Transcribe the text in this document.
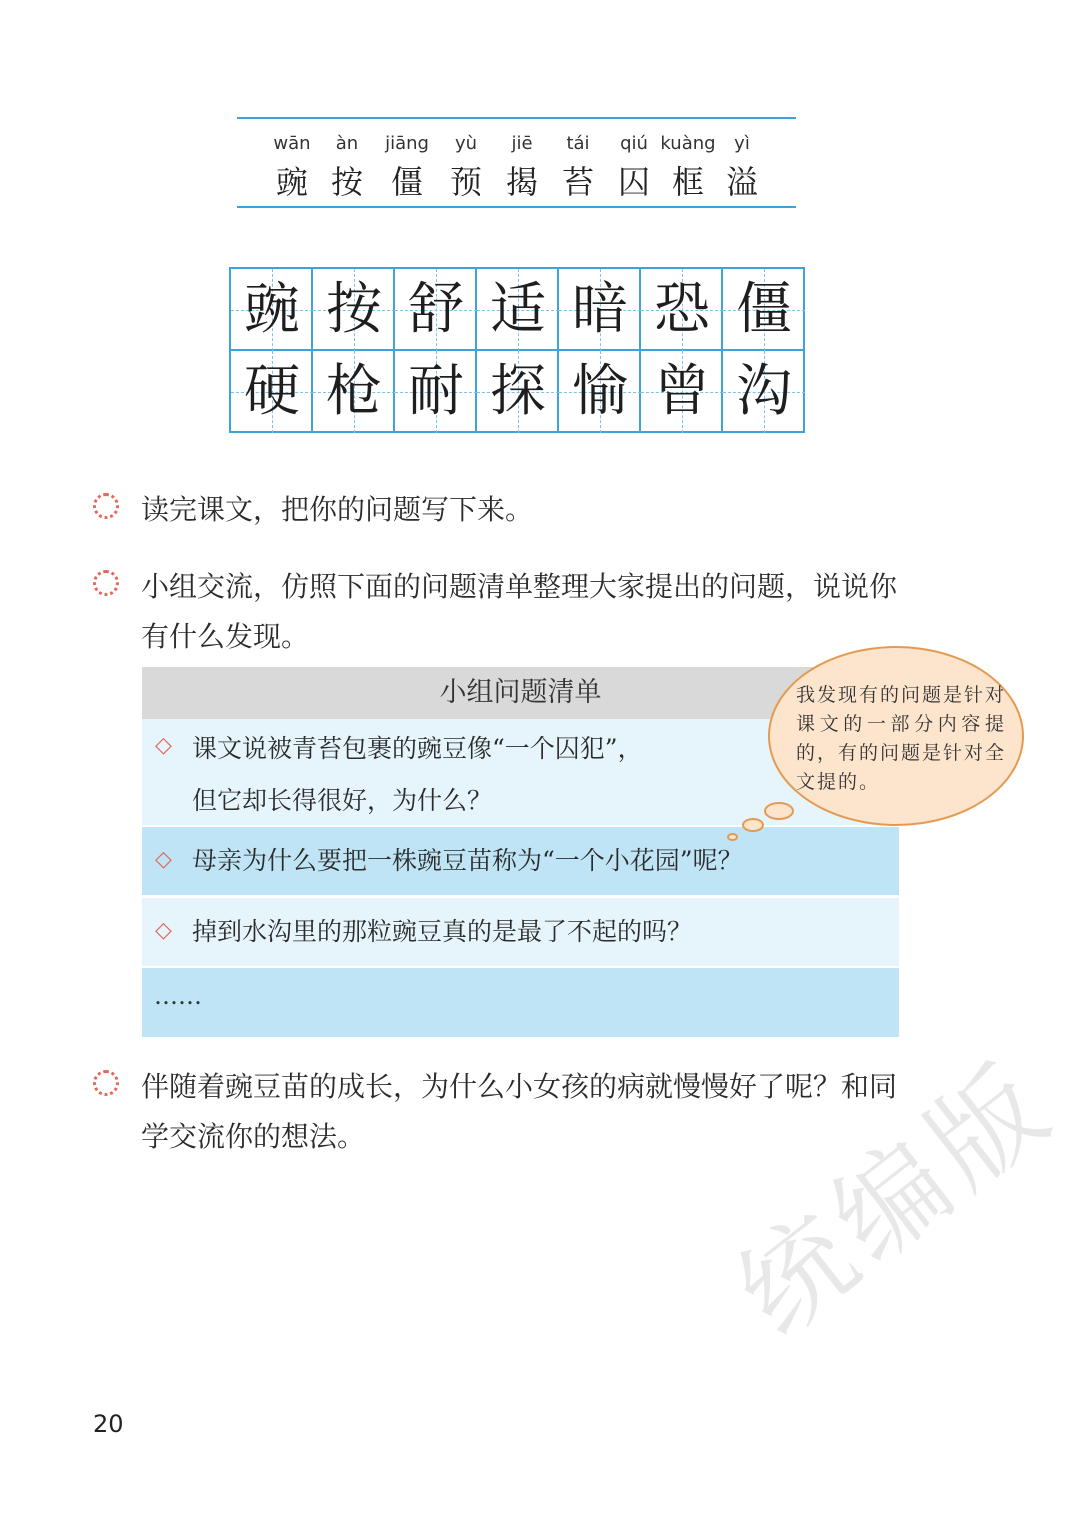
wān
豌
àn
按
jiāng
僵
yù
预
jiē
揭
tái
苔
qiú
囚
kuàng
框
yì
溢
豌 按 舒 适 暗 恐 僵
硬 枪 耐 探 愉 曾 沟
读完课文，把你的问题写下来。
小组交流，仿照下面的问题清单整理大家提出的问题，说说你
有什么发现。
小组问题清单
◇ 课文说被青苔包裹的豌豆像“一个囚犯”，
但它却长得很好，为什么？
◇ 母亲为什么要把一株豌豆苗称为“一个小花园”呢？
◇ 掉到水沟里的那粒豌豆真的是最了不起的吗？
……
我发现有的问题是针对课文的一部分内容提的，有的问题是针对全文提的。
伴随着豌豆苗的成长，为什么小女孩的病就慢慢好了呢？和同
学交流你的想法。	统编版
20
